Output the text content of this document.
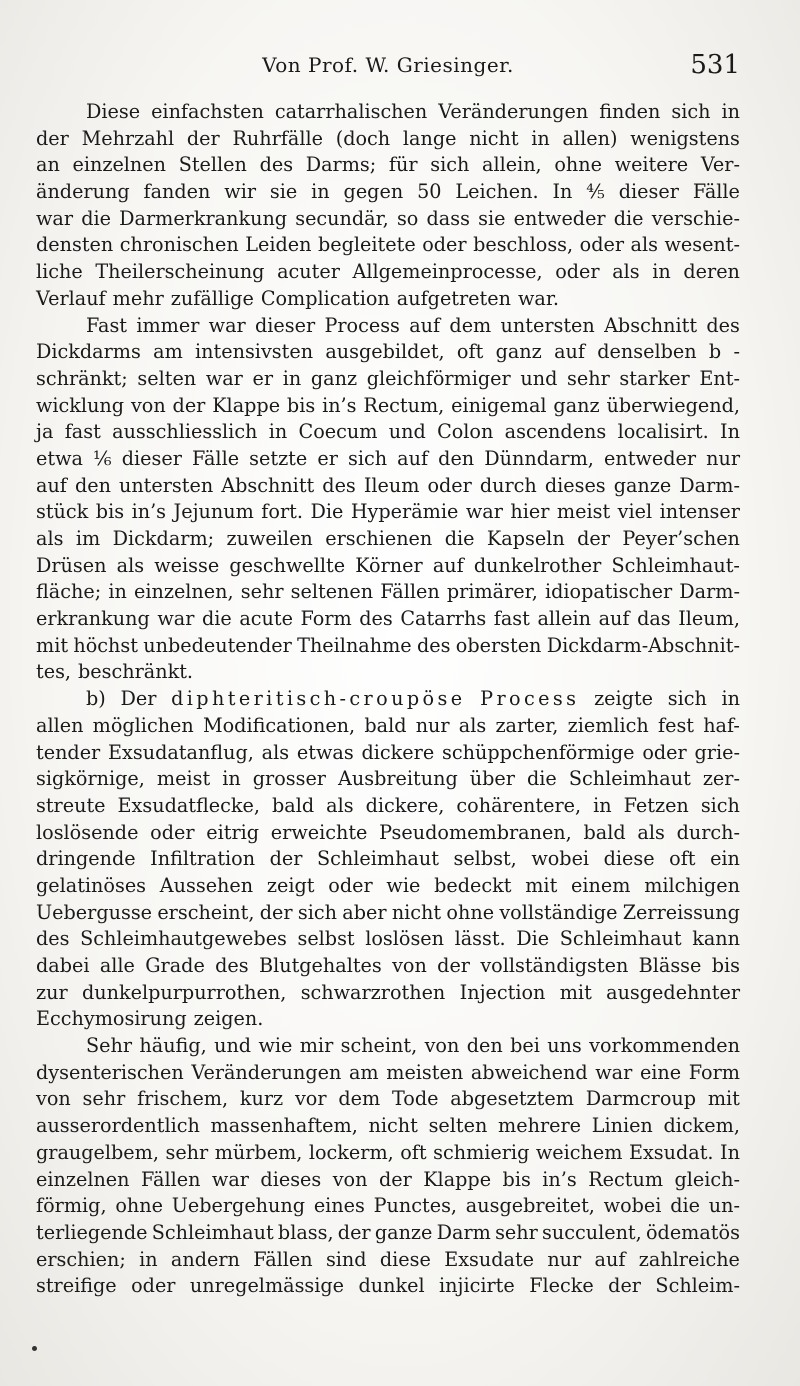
Von Prof. W. Griesinger.	531
Diese einfachsten catarrhalischen Veränderungen finden sich in
der Mehrzahl der Ruhrfälle (doch lange nicht in allen) wenigstens
an einzelnen Stellen des Darms; für sich allein, ohne weitere Ver-
änderung fanden wir sie in gegen 50 Leichen. In ⅘ dieser Fälle
war die Darmerkrankung secundär, so dass sie entweder die verschie-
densten chronischen Leiden begleitete oder beschloss, oder als wesent-
liche Theilerscheinung acuter Allgemeinprocesse, oder als in deren
Verlauf mehr zufällige Complication aufgetreten war.
Fast immer war dieser Process auf dem untersten Abschnitt des
Dickdarms am intensivsten ausgebildet, oft ganz auf denselben b -
schränkt; selten war er in ganz gleichförmiger und sehr starker Ent-
wicklung von der Klappe bis in’s Rectum, einigemal ganz überwiegend,
ja fast ausschliesslich in Coecum und Colon ascendens localisirt. In
etwa ⅙ dieser Fälle setzte er sich auf den Dünndarm, entweder nur
auf den untersten Abschnitt des Ileum oder durch dieses ganze Darm-
stück bis in’s Jejunum fort. Die Hyperämie war hier meist viel intenser
als im Dickdarm; zuweilen erschienen die Kapseln der Peyer’schen
Drüsen als weisse geschwellte Körner auf dunkelrother Schleimhaut-
fläche; in einzelnen, sehr seltenen Fällen primärer, idiopatischer Darm-
erkrankung war die acute Form des Catarrhs fast allein auf das Ileum,
mit höchst unbedeutender Theilnahme des obersten Dickdarm-Abschnit-
tes, beschränkt.
b) Der diphteritisch-croupöse Process zeigte sich in
allen möglichen Modificationen, bald nur als zarter, ziemlich fest haf-
tender Exsudatanflug, als etwas dickere schüppchenförmige oder grie-
sigkörnige, meist in grosser Ausbreitung über die Schleimhaut zer-
streute Exsudatflecke, bald als dickere, cohärentere, in Fetzen sich
loslösende oder eitrig erweichte Pseudomembranen, bald als durch-
dringende Infiltration der Schleimhaut selbst, wobei diese oft ein
gelatinöses Aussehen zeigt oder wie bedeckt mit einem milchigen
Uebergusse erscheint, der sich aber nicht ohne vollständige Zerreissung
des Schleimhautgewebes selbst loslösen lässt. Die Schleimhaut kann
dabei alle Grade des Blutgehaltes von der vollständigsten Blässe bis
zur dunkelpurpurrothen, schwarzrothen Injection mit ausgedehnter
Ecchymosirung zeigen.
Sehr häufig, und wie mir scheint, von den bei uns vorkommenden
dysenterischen Veränderungen am meisten abweichend war eine Form
von sehr frischem, kurz vor dem Tode abgesetztem Darmcroup mit
ausserordentlich massenhaftem, nicht selten mehrere Linien dickem,
graugelbem, sehr mürbem, lockerm, oft schmierig weichem Exsudat. In
einzelnen Fällen war dieses von der Klappe bis in’s Rectum gleich-
förmig, ohne Uebergehung eines Punctes, ausgebreitet, wobei die un-
terliegende Schleimhaut blass, der ganze Darm sehr succulent, ödematös
erschien; in andern Fällen sind diese Exsudate nur auf zahlreiche
streifige oder unregelmässige dunkel injicirte Flecke der Schleim-
